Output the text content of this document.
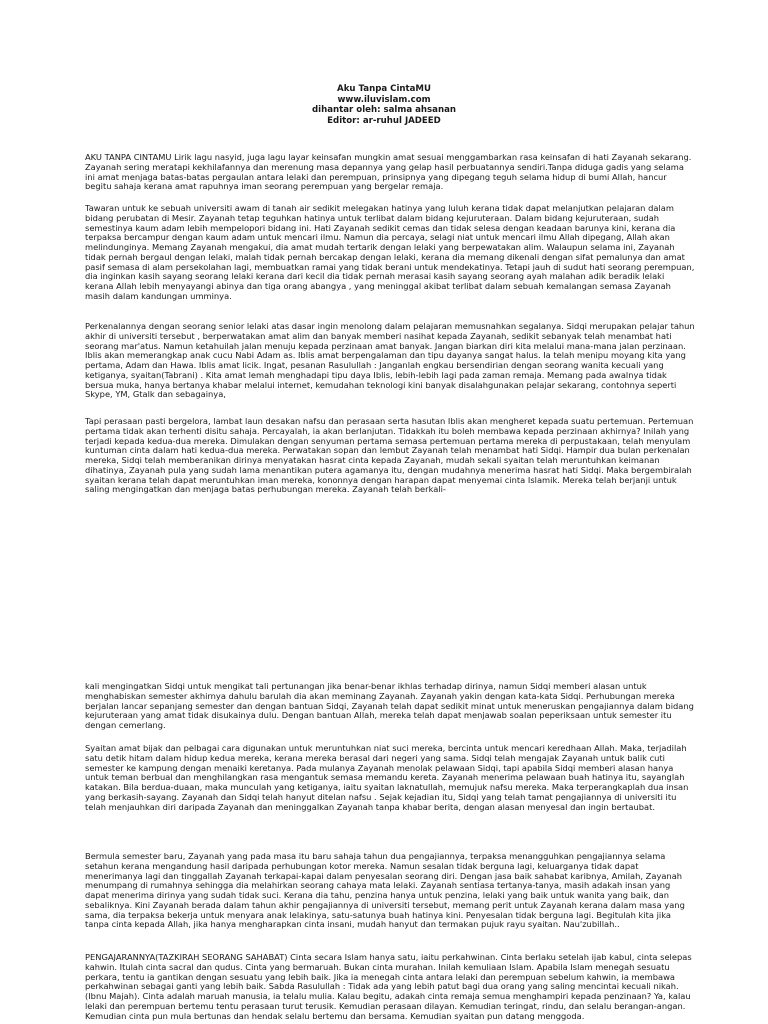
Aku Tanpa CintaMU
www.iluvislam.com
dihantar oleh: salma ahsanan
Editor: ar-ruhul JADEED

AKU TANPA CINTAMU Lirik lagu nasyid, juga lagu layar keinsafan mungkin amat sesuai menggambarkan rasa keinsafan di hati Zayanah sekarang. Zayanah sering meratapi kekhilafannya dan merenung masa depannya yang gelap hasil perbuatannya sendiri.Tanpa diduga gadis yang selama ini amat menjaga batas-batas pergaulan antara lelaki dan perempuan, prinsipnya yang dipegang teguh selama hidup di bumi Allah, hancur begitu sahaja kerana amat rapuhnya iman seorang perempuan yang bergelar remaja.

Tawaran untuk ke sebuah universiti awam di tanah air sedikit melegakan hatinya yang luluh kerana tidak dapat melanjutkan pelajaran dalam bidang perubatan di Mesir. Zayanah tetap teguhkan hatinya untuk terlibat dalam bidang kejuruteraan. Dalam bidang kejuruteraan, sudah semestinya kaum adam lebih mempelopori bidang ini. Hati Zayanah sedikit cemas dan tidak selesa dengan keadaan barunya kini, kerana dia terpaksa bercampur dengan kaum adam untuk mencari ilmu. Namun dia percaya, selagi niat untuk mencari ilmu Allah dipegang, Allah akan melindunginya. Memang Zayanah mengakui, dia amat mudah tertarik dengan lelaki yang berpewatakan alim. Walaupun selama ini, Zayanah tidak pernah bergaul dengan lelaki, malah tidak pernah bercakap dengan lelaki, kerana dia memang dikenali dengan sifat pemalunya dan amat pasif semasa di alam persekolahan lagi, membuatkan ramai yang tidak berani untuk mendekatinya. Tetapi jauh di sudut hati seorang perempuan, dia inginkan kasih sayang seorang lelaki kerana dari kecil dia tidak pernah merasai kasih sayang seorang ayah malahan adik beradik lelaki kerana Allah lebih menyayangi abinya dan tiga orang abangya , yang meninggal akibat terlibat dalam sebuah kemalangan semasa Zayanah masih dalam kandungan umminya.

Perkenalannya dengan seorang senior lelaki atas dasar ingin menolong dalam pelajaran memusnahkan segalanya. Sidqi merupakan pelajar tahun akhir di universiti tersebut , berperwatakan amat alim dan banyak memberi nasihat kepada Zayanah, sedikit sebanyak telah menambat hati seorang mar'atus. Namun ketahuilah jalan menuju kepada perzinaan amat banyak. Jangan biarkan diri kita melalui mana-mana jalan perzinaan. Iblis akan memerangkap anak cucu Nabi Adam as. Iblis amat berpengalaman dan tipu dayanya sangat halus. Ia telah menipu moyang kita yang pertama, Adam dan Hawa. Iblis amat licik. Ingat, pesanan Rasulullah : Janganlah engkau bersendirian dengan seorang wanita kecuali yang ketiganya, syaitan(Tabrani) . Kita amat lemah menghadapi tipu daya Iblis, lebih-lebih lagi pada zaman remaja. Memang pada awalnya tidak bersua muka, hanya bertanya khabar melalui internet, kemudahan teknologi kini banyak disalahgunakan pelajar sekarang, contohnya seperti Skype, YM, Gtalk dan sebagainya,

Tapi perasaan pasti bergelora, lambat laun desakan nafsu dan perasaan serta hasutan Iblis akan mengheret kepada suatu pertemuan. Pertemuan pertama tidak akan terhenti disitu sahaja. Percayalah, ia akan berlanjutan. Tidakkah itu boleh membawa kepada perzinaan akhirnya? Inilah yang terjadi kepada kedua-dua mereka. Dimulakan dengan senyuman pertama semasa pertemuan pertama mereka di perpustakaan, telah menyulam kuntuman cinta dalam hati kedua-dua mereka. Perwatakan sopan dan lembut Zayanah telah menambat hati Sidqi. Hampir dua bulan perkenalan mereka, Sidqi telah memberanikan dirinya menyatakan hasrat cinta kepada Zayanah, mudah sekali syaitan telah meruntuhkan keimanan dihatinya, Zayanah pula yang sudah lama menantikan putera agamanya itu, dengan mudahnya menerima hasrat hati Sidqi. Maka bergembiralah syaitan kerana telah dapat meruntuhkan iman mereka, kononnya dengan harapan dapat menyemai cinta Islamik. Mereka telah berjanji untuk saling mengingatkan dan menjaga batas perhubungan mereka. Zayanah telah berkali-

kali mengingatkan Sidqi untuk mengikat tali pertunangan jika benar-benar ikhlas terhadap dirinya, namun Sidqi memberi alasan untuk menghabiskan semester akhirnya dahulu barulah dia akan meminang Zayanah. Zayanah yakin dengan kata-kata Sidqi. Perhubungan mereka berjalan lancar sepanjang semester dan dengan bantuan Sidqi, Zayanah telah dapat sedikit minat untuk meneruskan pengajiannya dalam bidang kejuruteraan yang amat tidak disukainya dulu. Dengan bantuan Allah, mereka telah dapat menjawab soalan peperiksaan untuk semester itu dengan cemerlang.

Syaitan amat bijak dan pelbagai cara digunakan untuk meruntuhkan niat suci mereka, bercinta untuk mencari keredhaan Allah. Maka, terjadilah satu detik hitam dalam hidup kedua mereka, kerana mereka berasal dari negeri yang sama. Sidqi telah mengajak Zayanah untuk balik cuti semester ke kampung dengan menaiki keretanya. Pada mulanya Zayanah menolak pelawaan Sidqi, tapi apabila Sidqi memberi alasan hanya untuk teman berbual dan menghilangkan rasa mengantuk semasa memandu kereta. Zayanah menerima pelawaan buah hatinya itu, sayanglah katakan. Bila berdua-duaan, maka munculah yang ketiganya, iaitu syaitan laknatullah, memujuk nafsu mereka. Maka terperangkaplah dua insan yang berkasih-sayang. Zayanah dan Sidqi telah hanyut ditelan nafsu . Sejak kejadian itu, Sidqi yang telah tamat pengajiannya di universiti itu telah menjauhkan diri daripada Zayanah dan meninggalkan Zayanah tanpa khabar berita, dengan alasan menyesal dan ingin bertaubat.

Bermula semester baru, Zayanah yang pada masa itu baru sahaja tahun dua pengajiannya, terpaksa menangguhkan pengajiannya selama setahun kerana mengandung hasil daripada perhubungan kotor mereka. Namun sesalan tidak berguna lagi, keluarganya tidak dapat menerimanya lagi dan tinggallah Zayanah terkapai-kapai dalam penyesalan seorang diri. Dengan jasa baik sahabat karibnya, Amilah, Zayanah menumpang di rumahnya sehingga dia melahirkan seorang cahaya mata lelaki. Zayanah sentiasa tertanya-tanya, masih adakah insan yang dapat menerima dirinya yang sudah tidak suci. Kerana dia tahu, penzina hanya untuk penzina, lelaki yang baik untuk wanita yang baik, dan sebaliknya. Kini Zayanah berada dalam tahun akhir pengajiannya di universiti tersebut, memang perit untuk Zayanah kerana dalam masa yang sama, dia terpaksa bekerja untuk menyara anak lelakinya, satu-satunya buah hatinya kini. Penyesalan tidak berguna lagi. Begitulah kita jika tanpa cinta kepada Allah, jika hanya mengharapkan cinta insani, mudah hanyut dan termakan pujuk rayu syaitan. Nau'zubillah..

PENGAJARANNYA(TAZKIRAH SEORANG SAHABAT) Cinta secara Islam hanya satu, iaitu perkahwinan. Cinta berlaku setelah ijab kabul, cinta selepas kahwin. Itulah cinta sacral dan qudus. Cinta yang bermaruah. Bukan cinta murahan. Inilah kemuliaan Islam. Apabila Islam menegah sesuatu perkara, tentu ia gantikan dengan sesuatu yang lebih baik. Jika ia menegah cinta antara lelaki dan perempuan sebelum kahwin, ia membawa perkahwinan sebagai ganti yang lebih baik. Sabda Rasulullah : Tidak ada yang lebih patut bagi dua orang yang saling mencintai kecuali nikah. (Ibnu Majah). Cinta adalah maruah manusia, ia telalu mulia. Kalau begitu, adakah cinta remaja semua menghampiri kepada penzinaan? Ya, kalau lelaki dan perempuan bertemu tentu perasaan turut terusik. Kemudian perasaan dilayan. Kemudian teringat, rindu, dan selalu berangan-angan. Kemudian cinta pun mula bertunas dan hendak selalu bertemu dan bersama. Kemudian syaitan pun datang menggoda.
